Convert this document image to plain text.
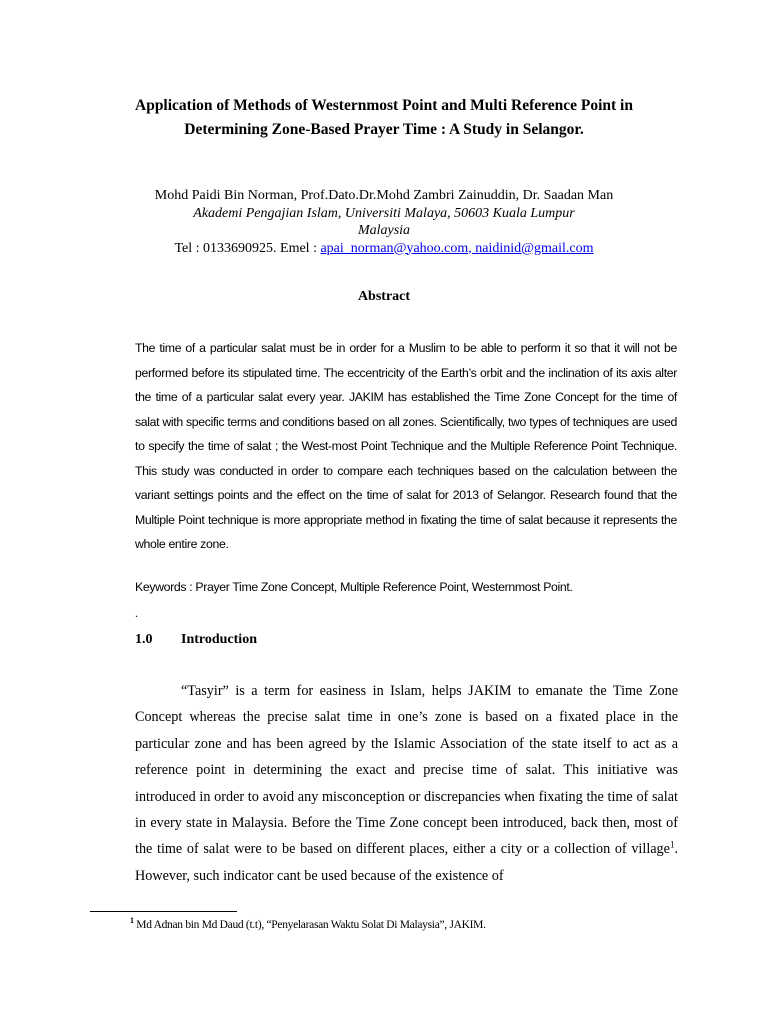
Application of Methods of Westernmost Point and Multi Reference Point in
Determining Zone-Based Prayer Time : A Study in Selangor.
Mohd Paidi Bin Norman, Prof.Dato.Dr.Mohd Zambri Zainuddin, Dr. Saadan Man
Akademi Pengajian Islam, Universiti Malaya, 50603 Kuala Lumpur
Malaysia
Tel : 0133690925. Emel : apai_norman@yahoo.com, naidinid@gmail.com
Abstract

The time of a particular salat must be in order for a Muslim to be able to perform it so that it will not be performed before its stipulated time. The eccentricity of the Earth’s orbit and the inclination of its axis alter the time of a particular salat every year. JAKIM has established the Time Zone Concept for the time of salat with specific terms and conditions based on all zones. Scientifically, two types of techniques are used to specify the time of salat ; the West-most Point Technique and the Multiple Reference Point Technique. This study was conducted in order to compare each techniques based on the calculation between the variant settings points and the effect on the time of salat for 2013 of Selangor. Research found that the Multiple Point technique is more appropriate method in fixating the time of salat because it represents the whole entire zone.

Keywords : Prayer Time Zone Concept, Multiple Reference Point, Westernmost Point.

.
1.0 Introduction

“Tasyir” is a term for easiness in Islam, helps JAKIM to emanate the Time Zone Concept whereas the precise salat time in one’s zone is based on a fixated place in the particular zone and has been agreed by the Islamic Association of the state itself to act as a reference point in determining the exact and precise time of salat. This initiative was introduced in order to avoid any misconception or discrepancies when fixating the time of salat in every state in Malaysia. Before the Time Zone concept been introduced, back then, most of the time of salat were to be based on different places, either a city or a collection of village$^1$. However, such indicator cant be used because of the existence of

$^1$ Md Adnan bin Md Daud (t.t), “Penyelarasan Waktu Solat Di Malaysia”, JAKIM.
